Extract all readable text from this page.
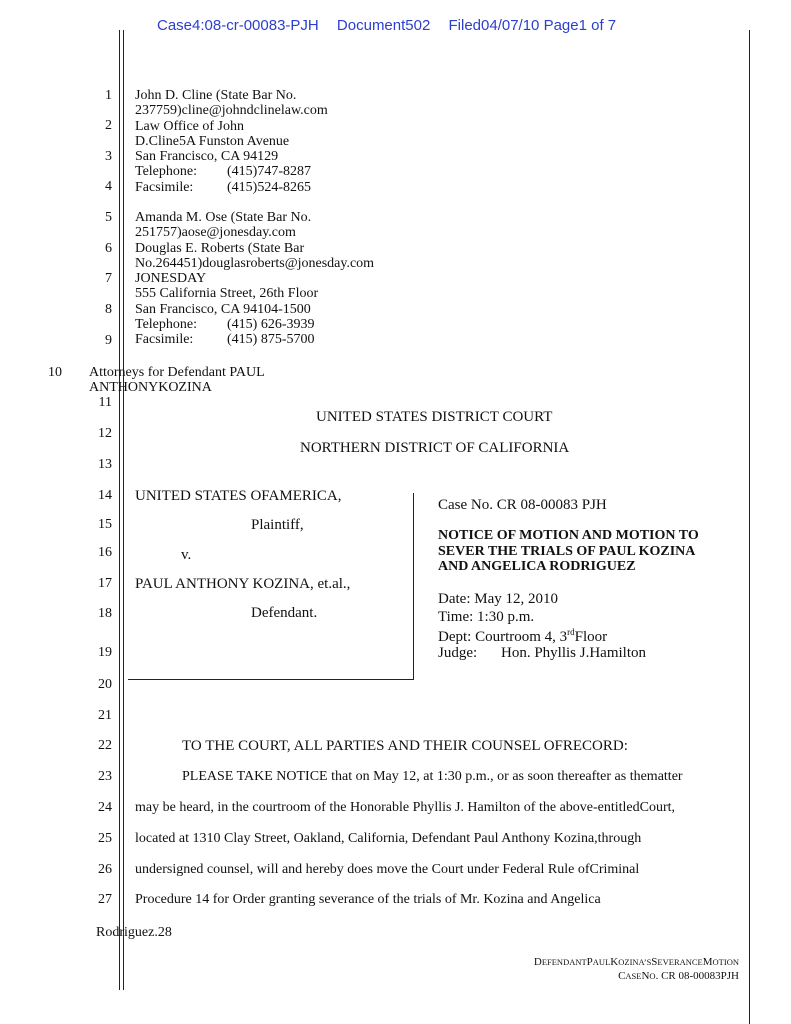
Case4:08-cr-00083-PJH Document502 Filed04/07/10 Page1 of 7
1
2
3
4
5
6
7
8
9
10
11
12
13
14
15
16
17
18
19
20
21
22
23
24
25
26
27
John D. Cline (State Bar No.
237759)cline@johndclinelaw.com
Law Office of John
D.Cline5A Funston Avenue
San Francisco, CA 94129
Telephone: (415)747-8287
Facsimile: (415)524-8265
Amanda M. Ose (State Bar No.
251757)aose@jonesday.com
Douglas E. Roberts (State Bar
No.264451)douglasroberts@jonesday.com
JONESDAY
555 California Street, 26th Floor
San Francisco, CA 94104-1500
Telephone: (415) 626-3939
Facsimile: (415) 875-5700
Attorneys for Defendant PAUL
ANTHONYKOZINA
UNITED STATES DISTRICT COURT
NORTHERN DISTRICT OF CALIFORNIA
UNITED STATES OFAMERICA,
Plaintiff,
v.
PAUL ANTHONY KOZINA, et.al.,
Defendant.
Case No. CR 08-00083 PJH
NOTICE OF MOTION AND MOTION TO
SEVER THE TRIALS OF PAUL KOZINA
AND ANGELICA RODRIGUEZ
Date: May 12, 2010
Time: 1:30 p.m.
Dept: Courtroom 4, 3rdFloor
Judge: Hon. Phyllis J.Hamilton
TO THE COURT, ALL PARTIES AND THEIR COUNSEL OFRECORD:
PLEASE TAKE NOTICE that on May 12, at 1:30 p.m., or as soon thereafter as thematter
may be heard, in the courtroom of the Honorable Phyllis J. Hamilton of the above-entitledCourt,
located at 1310 Clay Street, Oakland, California, Defendant Paul Anthony Kozina,through
undersigned counsel, will and hereby does move the Court under Federal Rule ofCriminal
Procedure 14 for Order granting severance of the trials of Mr. Kozina and Angelica
Rodriguez.28
DEFENDANTPAULKOZINA’SSEVERANCEMOTION
CASENO. CR 08-00083PJH
